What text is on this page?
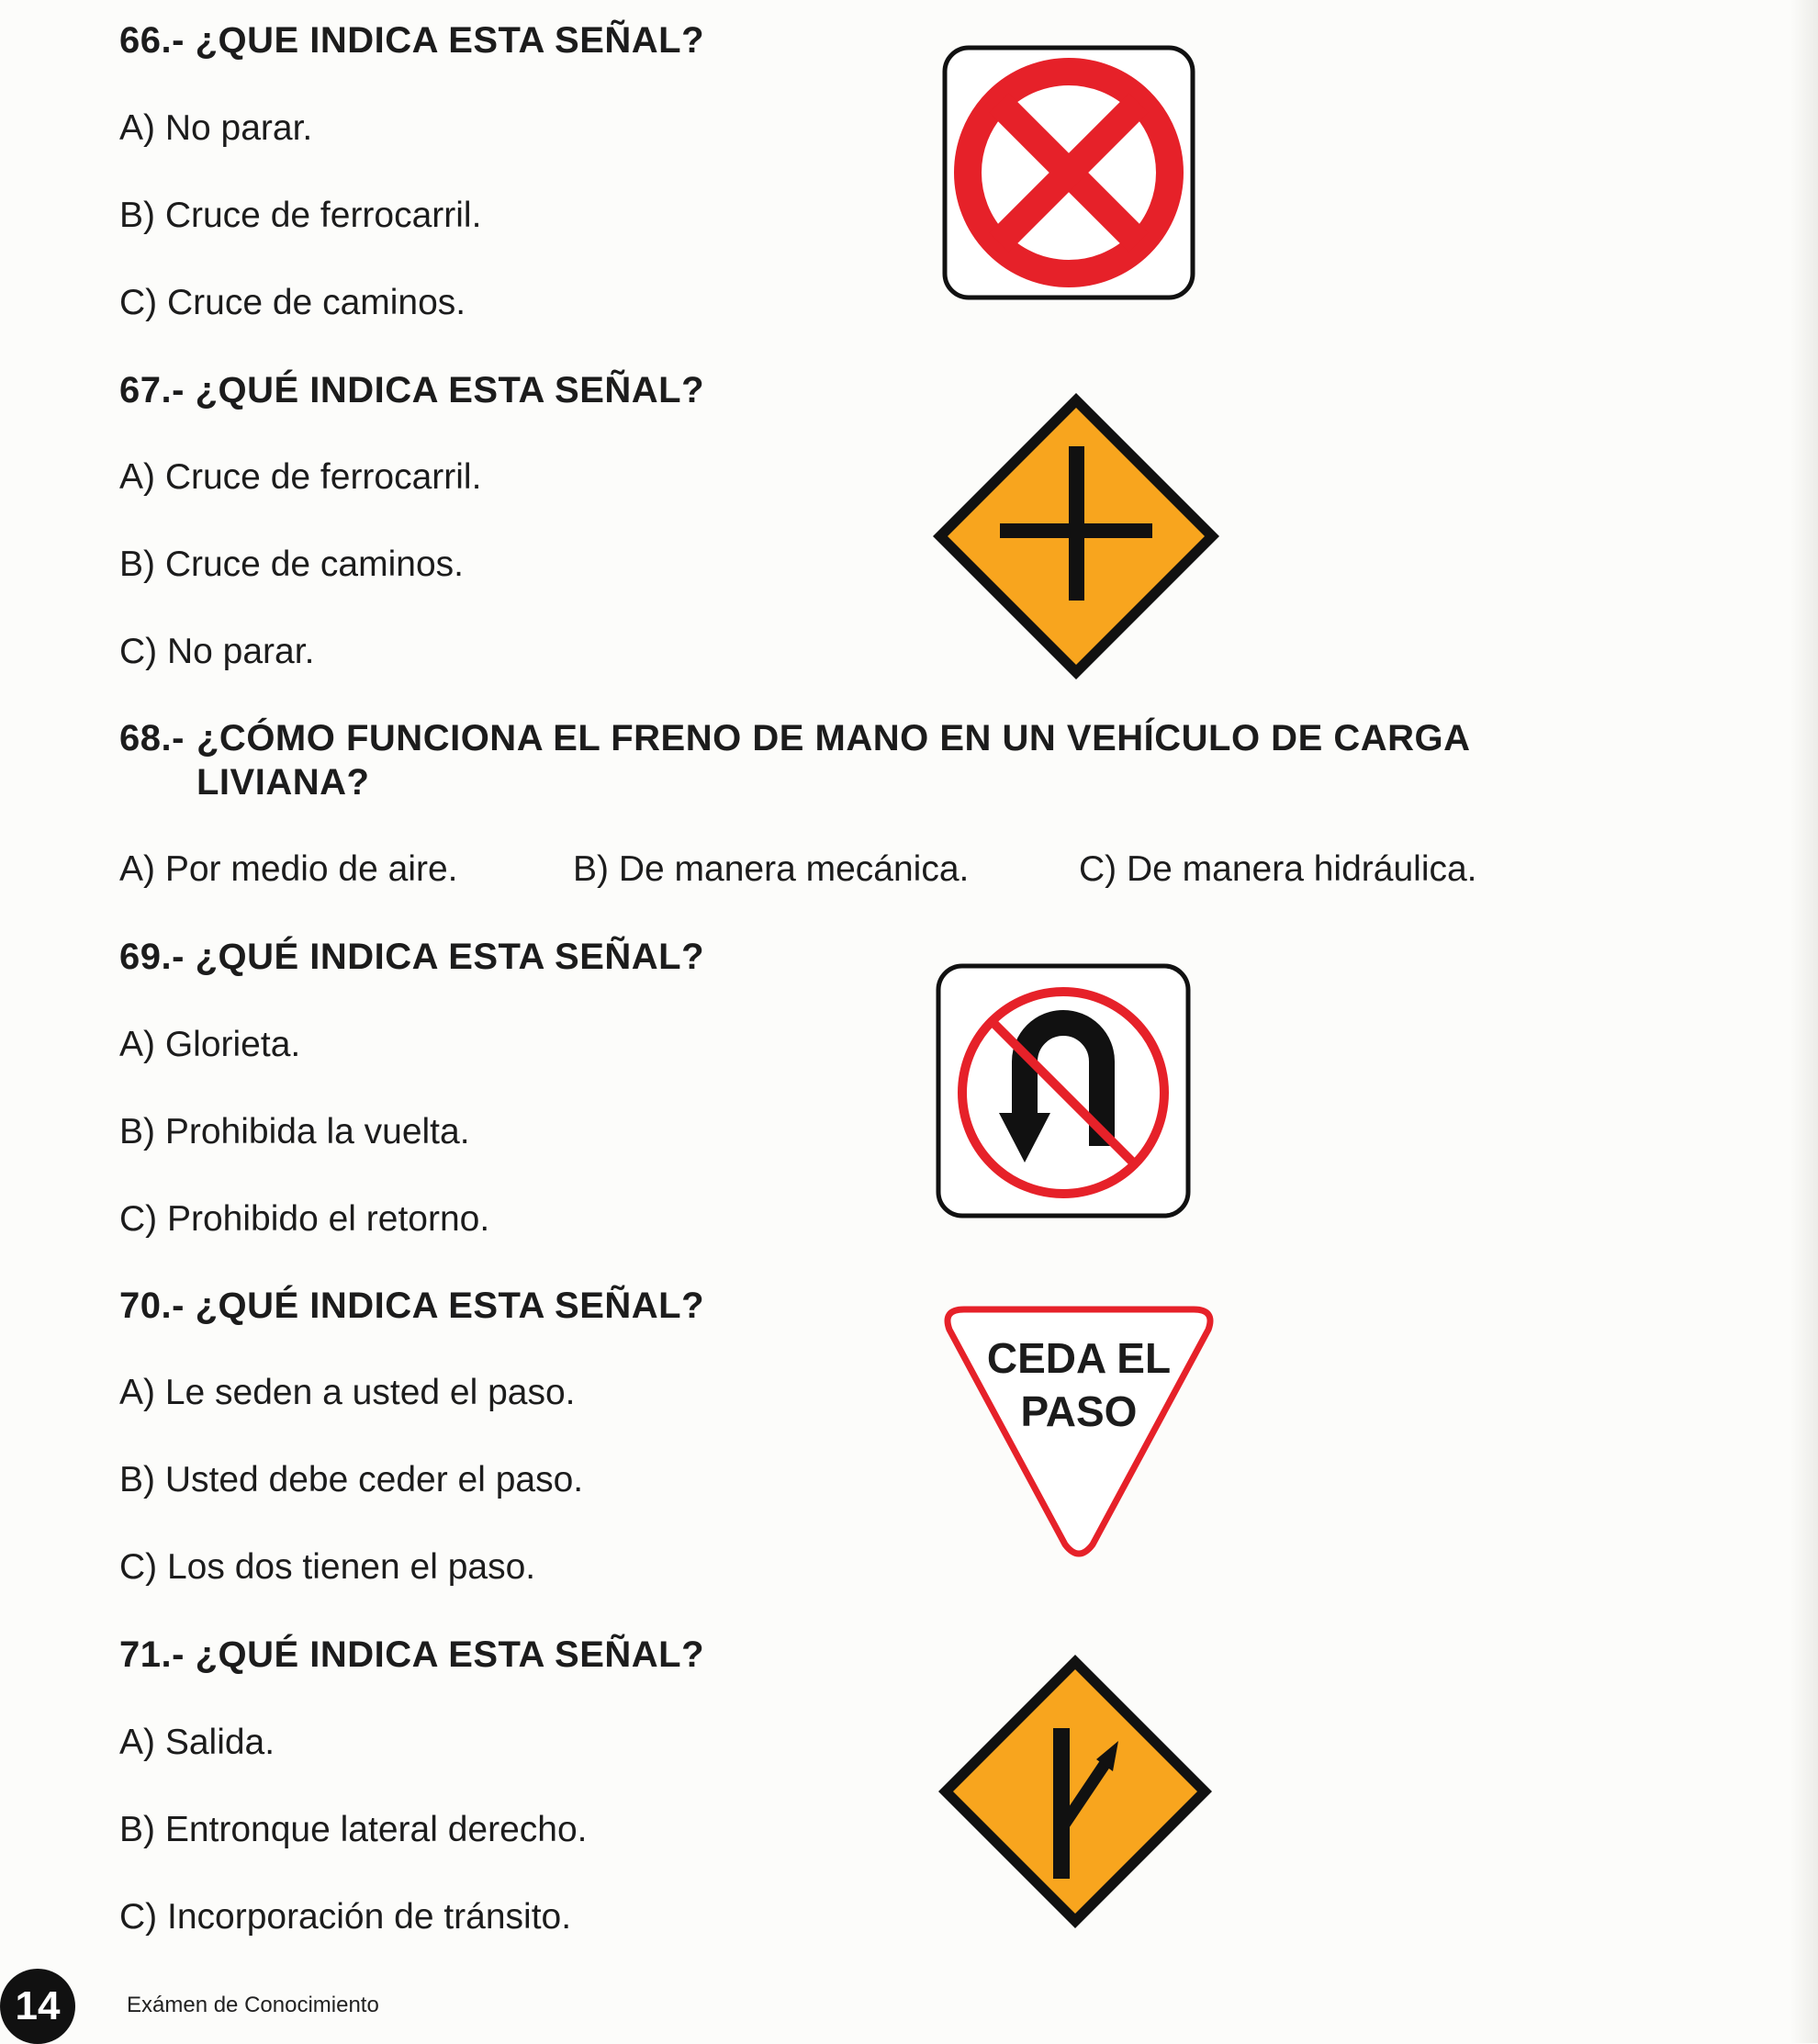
66.- ¿QUE INDICA ESTA SEÑAL?
A) No parar.
B) Cruce de ferrocarril.
C) Cruce de caminos.
67.- ¿QUÉ INDICA ESTA SEÑAL?
A) Cruce de ferrocarril.
B) Cruce de caminos.
C) No parar.
68.- ¿CÓMO FUNCIONA EL FRENO DE MANO EN UN VEHÍCULO DE CARGA LIVIANA?
A) Por medio de aire.	B) De manera mecánica.	C) De manera hidráulica.
69.- ¿QUÉ INDICA ESTA SEÑAL?
A) Glorieta.
B) Prohibida la vuelta.
C) Prohibido el retorno.
70.- ¿QUÉ INDICA ESTA SEÑAL?
A) Le seden a usted el paso.
B) Usted debe ceder el paso.
C) Los dos tienen el paso.
CEDA EL
PASO
71.- ¿QUÉ INDICA ESTA SEÑAL?
A) Salida.
B) Entronque lateral derecho.
C) Incorporación de tránsito.
14	Exámen de Conocimiento
